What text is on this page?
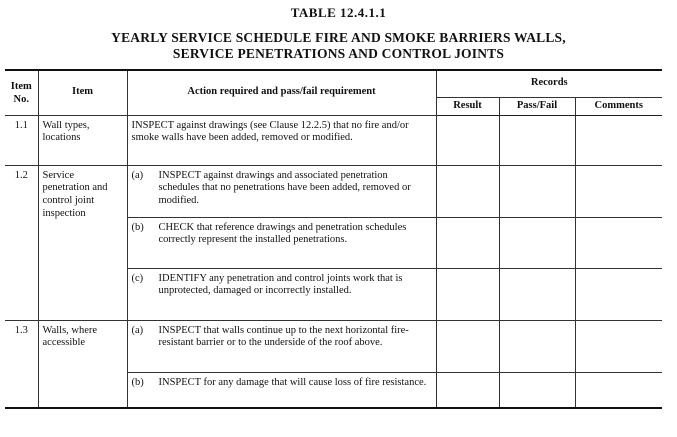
TABLE 12.4.1.1
YEARLY SERVICE SCHEDULE FIRE AND SMOKE BARRIERS WALLS,
SERVICE PENETRATIONS AND CONTROL JOINTS
Item No.	Item	Action required and pass/fail requirement	Records		
			Result	Pass/Fail	Comments
1.1	Wall types, locations	INSPECT against drawings (see Clause 12.2.5) that no fire and/or smoke walls have been added, removed or modified.			
1.2	Service penetration and control joint inspection	(a) INSPECT against drawings and associated penetration schedules that no penetrations have been added, removed or modified.			

		(b) CHECK that reference drawings and penetration schedules correctly represent the installed penetrations.			

		(c) IDENTIFY any penetration and control joints work that is unprotected, damaged or incorrectly installed.			

1.3	Walls, where accessible	(a) INSPECT that walls continue up to the next horizontal fire-resistant barrier or to the underside of the roof above.			

		(b) INSPECT for any damage that will cause loss of fire resistance.			
